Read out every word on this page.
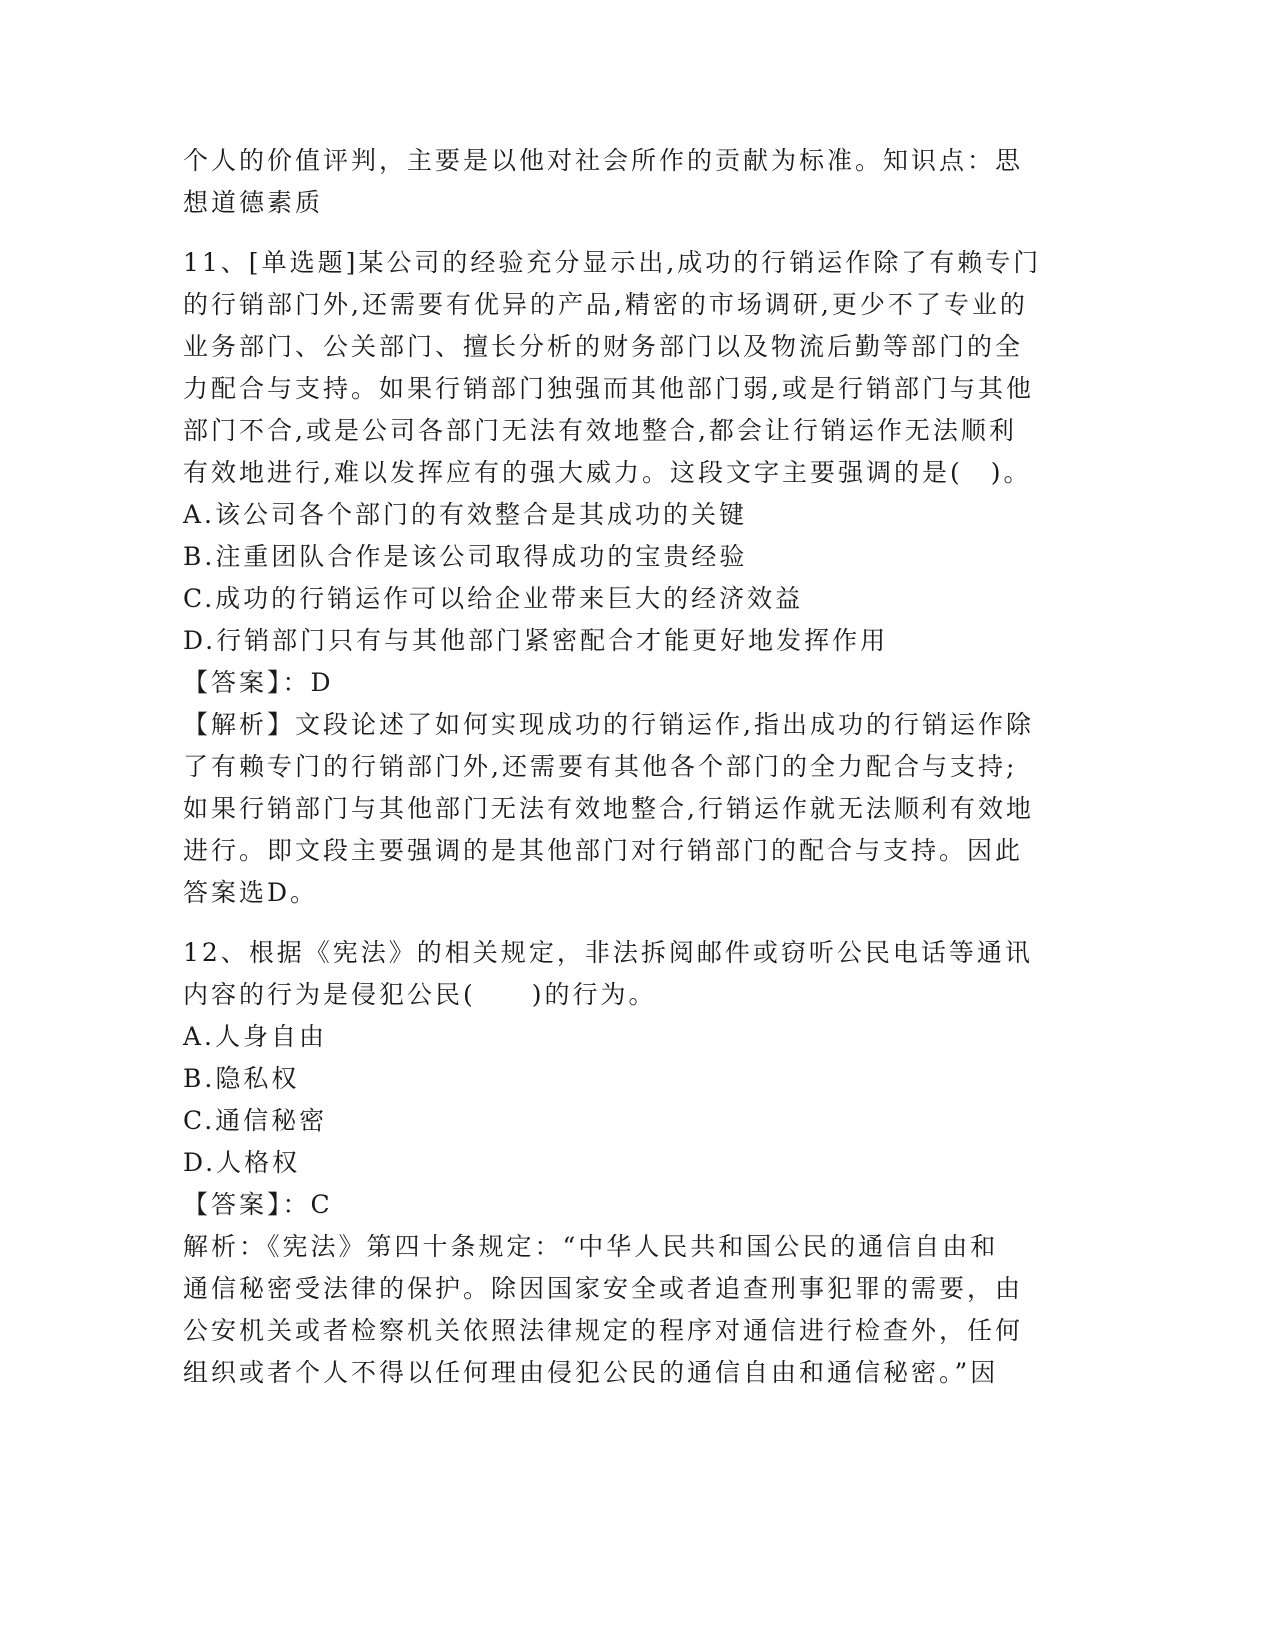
个人的价值评判，主要是以他对社会所作的贡献为标准。知识点：思
想道德素质
11、[单选题]某公司的经验充分显示出,成功的行销运作除了有赖专门
的行销部门外,还需要有优异的产品,精密的市场调研,更少不了专业的
业务部门、公关部门、擅长分析的财务部门以及物流后勤等部门的全
力配合与支持。如果行销部门独强而其他部门弱,或是行销部门与其他
部门不合,或是公司各部门无法有效地整合,都会让行销运作无法顺利
有效地进行,难以发挥应有的强大威力。这段文字主要强调的是(　)。
A.该公司各个部门的有效整合是其成功的关键
B.注重团队合作是该公司取得成功的宝贵经验
C.成功的行销运作可以给企业带来巨大的经济效益
D.行销部门只有与其他部门紧密配合才能更好地发挥作用
【答案】：D
【解析】文段论述了如何实现成功的行销运作,指出成功的行销运作除
了有赖专门的行销部门外,还需要有其他各个部门的全力配合与支持;
如果行销部门与其他部门无法有效地整合,行销运作就无法顺利有效地
进行。即文段主要强调的是其他部门对行销部门的配合与支持。因此
答案选D。
12、根据《宪法》的相关规定，非法拆阅邮件或窃听公民电话等通讯
内容的行为是侵犯公民(　　)的行为。
A.人身自由
B.隐私权
C.通信秘密
D.人格权
【答案】：C
解析：《宪法》第四十条规定：“中华人民共和国公民的通信自由和
通信秘密受法律的保护。除因国家安全或者追查刑事犯罪的需要，由
公安机关或者检察机关依照法律规定的程序对通信进行检查外，任何
组织或者个人不得以任何理由侵犯公民的通信自由和通信秘密。”因
